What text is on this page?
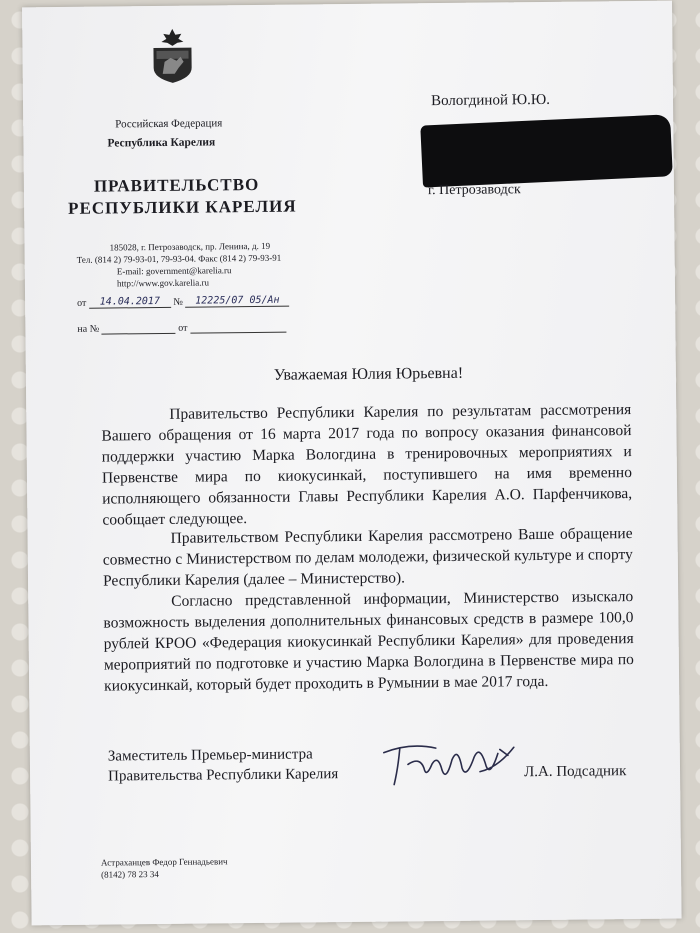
Российская Федерация
Республика Карелия
ПРАВИТЕЛЬСТВО
РЕСПУБЛИКИ КАРЕЛИЯ
185028, г. Петрозаводск, пр. Ленина, д. 19
Тел. (814 2) 79-93-01, 79-93-04. Факс (814 2) 79-93-91
E-mail: government@karelia.ru
http://www.gov.karelia.ru
от 14.04.2017 № 12225/07 05/Ан
на №	от
Вологдиной Ю.Ю.
г. Петрозаводск
Уважаемая Юлия Юрьевна!
Правительство Республики Карелия по результатам рассмотрения Вашего обращения от 16 марта 2017 года по вопросу оказания финансовой поддержки участию Марка Вологдина в тренировочных мероприятиях и Первенстве мира по киокусинкай, поступившего на имя временно исполняющего обязанности Главы Республики Карелия А.О. Парфенчикова, сообщает следующее.
Правительством Республики Карелия рассмотрено Ваше обращение совместно с Министерством по делам молодежи, физической культуре и спорту Республики Карелия (далее – Министерство).
Согласно представленной информации, Министерство изыскало возможность выделения дополнительных финансовых средств в размере 100,0 рублей КРОО «Федерация киокусинкай Республики Карелия» для проведения мероприятий по подготовке и участию Марка Вологдина в Первенстве мира по киокусинкай, который будет проходить в Румынии в мае 2017 года.
Заместитель Премьер-министра
Правительства Республики Карелия	Л.А. Подсадник
Астраханцев Федор Геннадьевич
(8142) 78 23 34
